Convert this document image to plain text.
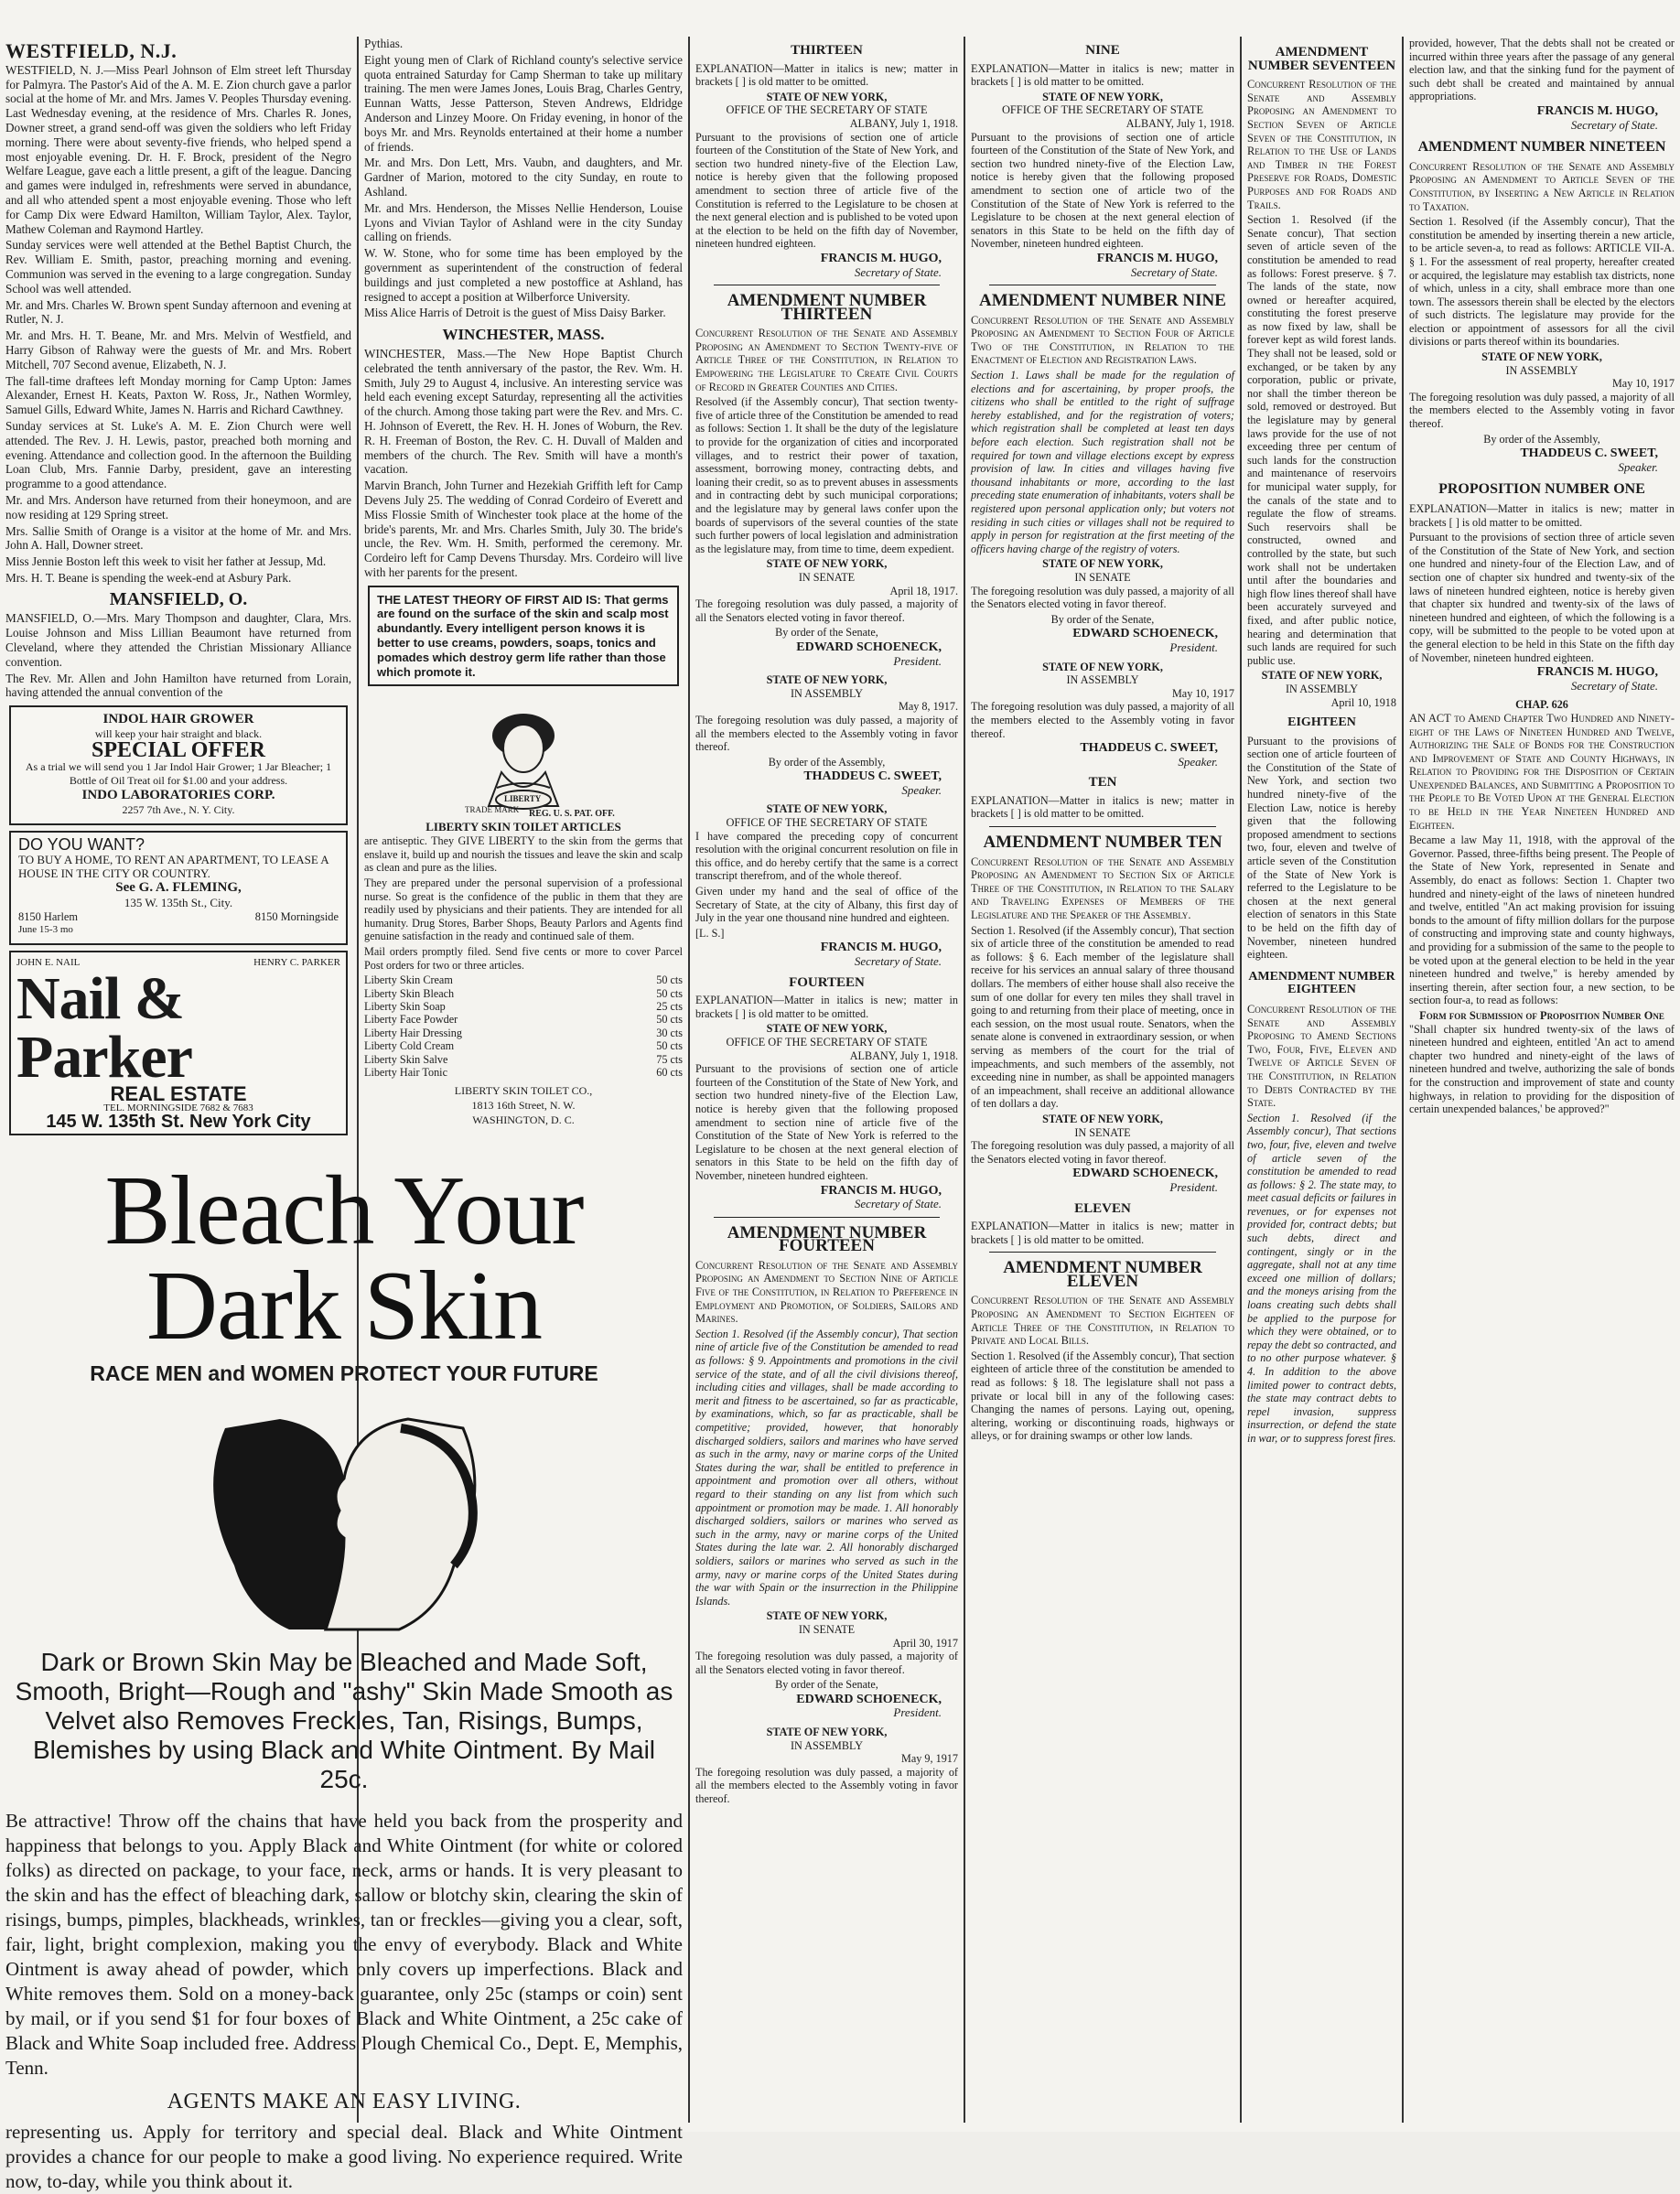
WESTFIELD, N.J.

WESTFIELD, N. J.—Miss Pearl Johnson of Elm street left Thursday for Palmyra. The Pastor's Aid of the A. M. E. Zion church gave a parlor social at the home of Mr. and Mrs. James V. Peoples Thursday evening. Last Wednesday evening, at the residence of Mrs. Charles R. Jones, Downer street, a grand send-off was given the soldiers who left Friday morning. There were about seventy-five friends, who helped spend a most enjoyable evening. Dr. H. F. Brock, president of the Negro Welfare League, gave each a little present, a gift of the league. Dancing and games were indulged in, refreshments were served in abundance, and all who attended spent a most enjoyable evening. Those who left for Camp Dix were Edward Hamilton, William Taylor, Alex. Taylor, Mathew Coleman and Raymond Hartley.

Sunday services were well attended at the Bethel Baptist Church, the Rev. William E. Smith, pastor, preaching morning and evening. Communion was served in the evening to a large congregation. Sunday School was well attended.

Mr. and Mrs. Charles W. Brown spent Sunday afternoon and evening at Rutler, N. J.

Mr. and Mrs. H. T. Beane, Mr. and Mrs. Melvin of Westfield, and Harry Gibson of Rahway were the guests of Mr. and Mrs. Robert Mitchell, 707 Second avenue, Elizabeth, N. J.

The fall-time draftees left Monday morning for Camp Upton: James Alexander, Ernest H. Keats, Paxton W. Ross, Jr., Nathen Wormley, Samuel Gills, Edward White, James N. Harris and Richard Cawthney.

Sunday services at St. Luke's A. M. E. Zion Church were well attended. The Rev. J. H. Lewis, pastor, preached both morning and evening. Attendance and collection good. In the afternoon the Building Loan Club, Mrs. Fannie Darby, president, gave an interesting programme to a good attendance.

Mr. and Mrs. Anderson have returned from their honeymoon, and are now residing at 129 Spring street.

Mrs. Sallie Smith of Orange is a visitor at the home of Mr. and Mrs. John A. Hall, Downer street.

Miss Jennie Boston left this week to visit her father at Jessup, Md.

Mrs. H. T. Beane is spending the week-end at Asbury Park.

MANSFIELD, O.

MANSFIELD, O.—Mrs. Mary Thompson and daughter, Clara, Mrs. Louise Johnson and Miss Lillian Beaumont have returned from Cleveland, where they attended the Christian Missionary Alliance convention.

The Rev. Mr. Allen and John Hamilton have returned from Lorain, having attended the annual convention of the

INDOL HAIR GROWER
will keep your hair straight and black.
SPECIAL OFFER
As a trial we will send you 1 Jar Indol Hair Grower; 1 Jar Bleacher; 1 Bottle of Oil Treat oil for $1.00 and your address.
INDO LABORATORIES CORP.
2257 7th Ave., N. Y. City.
DO YOU WANT?
TO BUY A HOME, TO RENT AN APARTMENT, TO LEASE A HOUSE IN THE CITY OR COUNTRY.
See G. A. FLEMING,
135 W. 135th St., City.
8150 Harlem	8150 Morningside
June 15-3 mo
JOHN E. NAIL	HENRY C. PARKER
Nail & Parker
REAL ESTATE
TEL. MORNINGSIDE 7682 & 7683
145 W. 135th St. New York City

Pythias.

Eight young men of Clark of Richland county's selective service quota entrained Saturday for Camp Sherman to take up military training. The men were James Jones, Louis Brag, Charles Gentry, Eunnan Watts, Jesse Patterson, Steven Andrews, Eldridge Anderson and Linzey Moore. On Friday evening, in honor of the boys Mr. and Mrs. Reynolds entertained at their home a number of friends.

Mr. and Mrs. Don Lett, Mrs. Vaubn, and daughters, and Mr. Gardner of Marion, motored to the city Sunday, en route to Ashland.

Mr. and Mrs. Henderson, the Misses Nellie Henderson, Louise Lyons and Vivian Taylor of Ashland were in the city Sunday calling on friends.

W. W. Stone, who for some time has been employed by the government as superintendent of the construction of federal buildings and just completed a new postoffice at Ashland, has resigned to accept a position at Wilberforce University.

Miss Alice Harris of Detroit is the guest of Miss Daisy Barker.

WINCHESTER, MASS.

WINCHESTER, Mass.—The New Hope Baptist Church celebrated the tenth anniversary of the pastor, the Rev. Wm. H. Smith, July 29 to August 4, inclusive. An interesting service was held each evening except Saturday, representing all the activities of the church. Among those taking part were the Rev. and Mrs. C. H. Johnson of Everett, the Rev. H. H. Jones of Woburn, the Rev. R. H. Freeman of Boston, the Rev. C. H. Duvall of Malden and members of the church. The Rev. Smith will have a month's vacation.

Marvin Branch, John Turner and Hezekiah Griffith left for Camp Devens July 25. The wedding of Conrad Cordeiro of Everett and Miss Flossie Smith of Winchester took place at the home of the bride's parents, Mr. and Mrs. Charles Smith, July 30. The bride's uncle, the Rev. Wm. H. Smith, performed the ceremony. Mr. Cordeiro left for Camp Devens Thursday. Mrs. Cordeiro will live with her parents for the present.

THE LATEST THEORY OF FIRST AID IS: That germs are found on the surface of the skin and scalp most abundantly. Every intelligent person knows it is better to use creams, powders, soaps, tonics and pomades which destroy germ life rather than those which promote it.
LIBERTY
TRADE MARK REG. U. S. PAT. OFF.
LIBERTY SKIN TOILET ARTICLES

are antiseptic. They GIVE LIBERTY to the skin from the germs that enslave it, build up and nourish the tissues and leave the skin and scalp as clean and pure as the lilies.

They are prepared under the personal supervision of a professional nurse. So great is the confidence of the public in them that they are readily used by physicians and their patients. They are intended for all humanity. Drug Stores, Barber Shops, Beauty Parlors and Agents find genuine satisfaction in the ready and continued sale of them.

Mail orders promptly filed. Send five cents or more to cover Parcel Post orders for two or three articles.

Liberty Skin Cream	50 cts
Liberty Skin Bleach	50 cts
Liberty Skin Soap	25 cts
Liberty Face Powder	50 cts
Liberty Hair Dressing	30 cts
Liberty Cold Cream	50 cts
Liberty Skin Salve	75 cts
Liberty Hair Tonic	60 cts
LIBERTY SKIN TOILET CO.,
1813 16th Street, N. W.
WASHINGTON, D. C.
Bleach Your
Dark Skin
RACE MEN and WOMEN PROTECT YOUR FUTURE
Dark or Brown Skin May be Bleached and Made Soft, Smooth, Bright—Rough and "ashy" Skin Made Smooth as Velvet also Removes Freckles, Tan, Risings, Bumps, Blemishes by using Black and White Ointment. By Mail 25c.
Be attractive! Throw off the chains that have held you back from the prosperity and happiness that belongs to you. Apply Black and White Ointment (for white or colored folks) as directed on package, to your face, neck, arms or hands. It is very pleasant to the skin and has the effect of bleaching dark, sallow or blotchy skin, clearing the skin of risings, bumps, pimples, blackheads, wrinkles, tan or freckles—giving you a clear, soft, fair, light, bright complexion, making you the envy of everybody. Black and White Ointment is away ahead of powder, which only covers up imperfections. Black and White removes them. Sold on a money-back guarantee, only 25c (stamps or coin) sent by mail, or if you send $1 for four boxes of Black and White Ointment, a 25c cake of Black and White Soap included free. Address Plough Chemical Co., Dept. E, Memphis, Tenn.
AGENTS MAKE AN EASY LIVING.
representing us. Apply for territory and special deal. Black and White Ointment provides a chance for our people to make a good living. No experience required. Write now, to-day, while you think about it.
THIRTEEN

EXPLANATION—Matter in italics is new; matter in brackets [ ] is old matter to be omitted.

STATE OF NEW YORK,
OFFICE OF THE SECRETARY OF STATE
ALBANY, July 1, 1918.

Pursuant to the provisions of section one of article fourteen of the Constitution of the State of New York, and section two hundred ninety-five of the Election Law, notice is hereby given that the following proposed amendment to section three of article five of the Constitution is referred to the Legislature to be chosen at the next general election and is published to be voted upon at the election to be held on the fifth day of November, nineteen hundred eighteen.

FRANCIS M. HUGO,
Secretary of State.
AMENDMENT NUMBER THIRTEEN

Concurrent Resolution of the Senate and Assembly Proposing an Amendment to Section Twenty-five of Article Three of the Constitution, in Relation to Empowering the Legislature to Create Civil Courts of Record in Greater Counties and Cities.

Resolved (if the Assembly concur), That section twenty-five of article three of the Constitution be amended to read as follows: Section 1. It shall be the duty of the legislature to provide for the organization of cities and incorporated villages, and to restrict their power of taxation, assessment, borrowing money, contracting debts, and loaning their credit, so as to prevent abuses in assessments and in contracting debt by such municipal corporations; and the legislature may by general laws confer upon the boards of supervisors of the several counties of the state such further powers of local legislation and administration as the legislature may, from time to time, deem expedient.

STATE OF NEW YORK,
IN SENATE
April 18, 1917.

The foregoing resolution was duly passed, a majority of all the Senators elected voting in favor thereof.

By order of the Senate,
EDWARD SCHOENECK,
President.
STATE OF NEW YORK,
IN ASSEMBLY
May 8, 1917.

The foregoing resolution was duly passed, a majority of all the members elected to the Assembly voting in favor thereof.

By order of the Assembly,
THADDEUS C. SWEET,
Speaker.
STATE OF NEW YORK,
OFFICE OF THE SECRETARY OF STATE

I have compared the preceding copy of concurrent resolution with the original concurrent resolution on file in this office, and do hereby certify that the same is a correct transcript therefrom, and of the whole thereof.

Given under my hand and the seal of office of the Secretary of State, at the city of Albany, this first day of July in the year one thousand nine hundred and eighteen.

[L. S.]
FRANCIS M. HUGO,
Secretary of State.
FOURTEEN

EXPLANATION—Matter in italics is new; matter in brackets [ ] is old matter to be omitted.

STATE OF NEW YORK,
OFFICE OF THE SECRETARY OF STATE
ALBANY, July 1, 1918.

Pursuant to the provisions of section one of article fourteen of the Constitution of the State of New York, and section two hundred ninety-five of the Election Law, notice is hereby given that the following proposed amendment to section nine of article five of the Constitution of the State of New York is referred to the Legislature to be chosen at the next general election of senators in this State to be held on the fifth day of November, nineteen hundred eighteen.

FRANCIS M. HUGO,
Secretary of State.
AMENDMENT NUMBER FOURTEEN

Concurrent Resolution of the Senate and Assembly Proposing an Amendment to Section Nine of Article Five of the Constitution, in Relation to Preference in Employment and Promotion, of Soldiers, Sailors and Marines.

Section 1. Resolved (if the Assembly concur), That section nine of article five of the Constitution be amended to read as follows: § 9. Appointments and promotions in the civil service of the state, and of all the civil divisions thereof, including cities and villages, shall be made according to merit and fitness to be ascertained, so far as practicable, by examinations, which, so far as practicable, shall be competitive; provided, however, that honorably discharged soldiers, sailors and marines who have served as such in the army, navy or marine corps of the United States during the war, shall be entitled to preference in appointment and promotion over all others, without regard to their standing on any list from which such appointment or promotion may be made. 1. All honorably discharged soldiers, sailors or marines who served as such in the army, navy or marine corps of the United States during the late war. 2. All honorably discharged soldiers, sailors or marines who served as such in the army, navy or marine corps of the United States during the war with Spain or the insurrection in the Philippine Islands.

STATE OF NEW YORK,
IN SENATE
April 30, 1917

The foregoing resolution was duly passed, a majority of all the Senators elected voting in favor thereof.

By order of the Senate,
EDWARD SCHOENECK,
President.
STATE OF NEW YORK,
IN ASSEMBLY
May 9, 1917

The foregoing resolution was duly passed, a majority of all the members elected to the Assembly voting in favor thereof.

NINE

EXPLANATION—Matter in italics is new; matter in brackets [ ] is old matter to be omitted.

STATE OF NEW YORK,
OFFICE OF THE SECRETARY OF STATE
ALBANY, July 1, 1918.

Pursuant to the provisions of section one of article fourteen of the Constitution of the State of New York, and section two hundred ninety-five of the Election Law, notice is hereby given that the following proposed amendment to section one of article two of the Constitution of the State of New York is referred to the Legislature to be chosen at the next general election of senators in this State to be held on the fifth day of November, nineteen hundred eighteen.

FRANCIS M. HUGO,
Secretary of State.
AMENDMENT NUMBER NINE

Concurrent Resolution of the Senate and Assembly Proposing an Amendment to Section Four of Article Two of the Constitution, in Relation to the Enactment of Election and Registration Laws.

Section 1. Laws shall be made for the regulation of elections and for ascertaining, by proper proofs, the citizens who shall be entitled to the right of suffrage hereby established, and for the registration of voters; which registration shall be completed at least ten days before each election. Such registration shall not be required for town and village elections except by express provision of law. In cities and villages having five thousand inhabitants or more, according to the last preceding state enumeration of inhabitants, voters shall be registered upon personal application only; but voters not residing in such cities or villages shall not be required to apply in person for registration at the first meeting of the officers having charge of the registry of voters.

STATE OF NEW YORK,
IN SENATE

The foregoing resolution was duly passed, a majority of all the Senators elected voting in favor thereof.

By order of the Senate,
EDWARD SCHOENECK,
President.
STATE OF NEW YORK,
IN ASSEMBLY
May 10, 1917

The foregoing resolution was duly passed, a majority of all the members elected to the Assembly voting in favor thereof.

THADDEUS C. SWEET,
Speaker.
TEN

EXPLANATION—Matter in italics is new; matter in brackets [ ] is old matter to be omitted.

AMENDMENT NUMBER TEN

Concurrent Resolution of the Senate and Assembly Proposing an Amendment to Section Six of Article Three of the Constitution, in Relation to the Salary and Traveling Expenses of Members of the Legislature and the Speaker of the Assembly.

Section 1. Resolved (if the Assembly concur), That section six of article three of the constitution be amended to read as follows: § 6. Each member of the legislature shall receive for his services an annual salary of three thousand dollars. The members of either house shall also receive the sum of one dollar for every ten miles they shall travel in going to and returning from their place of meeting, once in each session, on the most usual route. Senators, when the senate alone is convened in extraordinary session, or when serving as members of the court for the trial of impeachments, and such members of the assembly, not exceeding nine in number, as shall be appointed managers of an impeachment, shall receive an additional allowance of ten dollars a day.

STATE OF NEW YORK,
IN SENATE

The foregoing resolution was duly passed, a majority of all the Senators elected voting in favor thereof.

EDWARD SCHOENECK,
President.
ELEVEN

EXPLANATION—Matter in italics is new; matter in brackets [ ] is old matter to be omitted.

AMENDMENT NUMBER ELEVEN

Concurrent Resolution of the Senate and Assembly Proposing an Amendment to Section Eighteen of Article Three of the Constitution, in Relation to Private and Local Bills.

Section 1. Resolved (if the Assembly concur), That section eighteen of article three of the constitution be amended to read as follows: § 18. The legislature shall not pass a private or local bill in any of the following cases: Changing the names of persons. Laying out, opening, altering, working or discontinuing roads, highways or alleys, or for draining swamps or other low lands.

AMENDMENT NUMBER SEVENTEEN

Concurrent Resolution of the Senate and Assembly Proposing an Amendment to Section Seven of Article Seven of the Constitution, in Relation to the Use of Lands and Timber in the Forest Preserve for Roads, Domestic Purposes and for Roads and Trails.

Section 1. Resolved (if the Senate concur), That section seven of article seven of the constitution be amended to read as follows: Forest preserve. § 7. The lands of the state, now owned or hereafter acquired, constituting the forest preserve as now fixed by law, shall be forever kept as wild forest lands. They shall not be leased, sold or exchanged, or be taken by any corporation, public or private, nor shall the timber thereon be sold, removed or destroyed. But the legislature may by general laws provide for the use of not exceeding three per centum of such lands for the construction and maintenance of reservoirs for municipal water supply, for the canals of the state and to regulate the flow of streams. Such reservoirs shall be constructed, owned and controlled by the state, but such work shall not be undertaken until after the boundaries and high flow lines thereof shall have been accurately surveyed and fixed, and after public notice, hearing and determination that such lands are required for such public use.

STATE OF NEW YORK,
IN ASSEMBLY
April 10, 1918
EIGHTEEN

Pursuant to the provisions of section one of article fourteen of the Constitution of the State of New York, and section two hundred ninety-five of the Election Law, notice is hereby given that the following proposed amendment to sections two, four, eleven and twelve of article seven of the Constitution of the State of New York is referred to the Legislature to be chosen at the next general election of senators in this State to be held on the fifth day of November, nineteen hundred eighteen.

AMENDMENT NUMBER EIGHTEEN

Concurrent Resolution of the Senate and Assembly Proposing to Amend Sections Two, Four, Five, Eleven and Twelve of Article Seven of the Constitution, in Relation to Debts Contracted by the State.

Section 1. Resolved (if the Assembly concur), That sections two, four, five, eleven and twelve of article seven of the constitution be amended to read as follows: § 2. The state may, to meet casual deficits or failures in revenues, or for expenses not provided for, contract debts; but such debts, direct and contingent, singly or in the aggregate, shall not at any time exceed one million of dollars; and the moneys arising from the loans creating such debts shall be applied to the purpose for which they were obtained, or to repay the debt so contracted, and to no other purpose whatever. § 4. In addition to the above limited power to contract debts, the state may contract debts to repel invasion, suppress insurrection, or defend the state in war, or to suppress forest fires.

provided, however, That the debts shall not be created or incurred within three years after the passage of any general election law, and that the sinking fund for the payment of such debt shall be created and maintained by annual appropriations.

FRANCIS M. HUGO,
Secretary of State.
AMENDMENT NUMBER NINETEEN

Concurrent Resolution of the Senate and Assembly Proposing an Amendment to Article Seven of the Constitution, by Inserting a New Article in Relation to Taxation.

Section 1. Resolved (if the Assembly concur), That the constitution be amended by inserting therein a new article, to be article seven-a, to read as follows: ARTICLE VII-A. § 1. For the assessment of real property, hereafter created or acquired, the legislature may establish tax districts, none of which, unless in a city, shall embrace more than one town. The assessors therein shall be elected by the electors of such districts. The legislature may provide for the election or appointment of assessors for all the civil divisions or parts thereof within its boundaries.

STATE OF NEW YORK,
IN ASSEMBLY
May 10, 1917

The foregoing resolution was duly passed, a majority of all the members elected to the Assembly voting in favor thereof.

By order of the Assembly,
THADDEUS C. SWEET,
Speaker.
PROPOSITION NUMBER ONE

EXPLANATION—Matter in italics is new; matter in brackets [ ] is old matter to be omitted.

Pursuant to the provisions of section three of article seven of the Constitution of the State of New York, and section one hundred and ninety-four of the Election Law, and of section one of chapter six hundred and twenty-six of the laws of nineteen hundred eighteen, notice is hereby given that chapter six hundred and twenty-six of the laws of nineteen hundred and eighteen, of which the following is a copy, will be submitted to the people to be voted upon at the general election to be held in this State on the fifth day of November, nineteen hundred eighteen.

FRANCIS M. HUGO,
Secretary of State.
CHAP. 626

AN ACT to Amend Chapter Two Hundred and Ninety-eight of the Laws of Nineteen Hundred and Twelve, Authorizing the Sale of Bonds for the Construction and Improvement of State and County Highways, in Relation to Providing for the Disposition of Certain Unexpended Balances, and Submitting a Proposition to the People to Be Voted Upon at the General Election to be Held in the Year Nineteen Hundred and Eighteen.

Became a law May 11, 1918, with the approval of the Governor. Passed, three-fifths being present. The People of the State of New York, represented in Senate and Assembly, do enact as follows: Section 1. Chapter two hundred and ninety-eight of the laws of nineteen hundred and twelve, entitled "An act making provision for issuing bonds to the amount of fifty million dollars for the purpose of constructing and improving state and county highways, and providing for a submission of the same to the people to be voted upon at the general election to be held in the year nineteen hundred and twelve," is hereby amended by inserting therein, after section four, a new section, to be section four-a, to read as follows:

Form for Submission of Proposition Number One

"Shall chapter six hundred twenty-six of the laws of nineteen hundred and eighteen, entitled 'An act to amend chapter two hundred and ninety-eight of the laws of nineteen hundred and twelve, authorizing the sale of bonds for the construction and improvement of state and county highways, in relation to providing for the disposition of certain unexpended balances,' be approved?"
